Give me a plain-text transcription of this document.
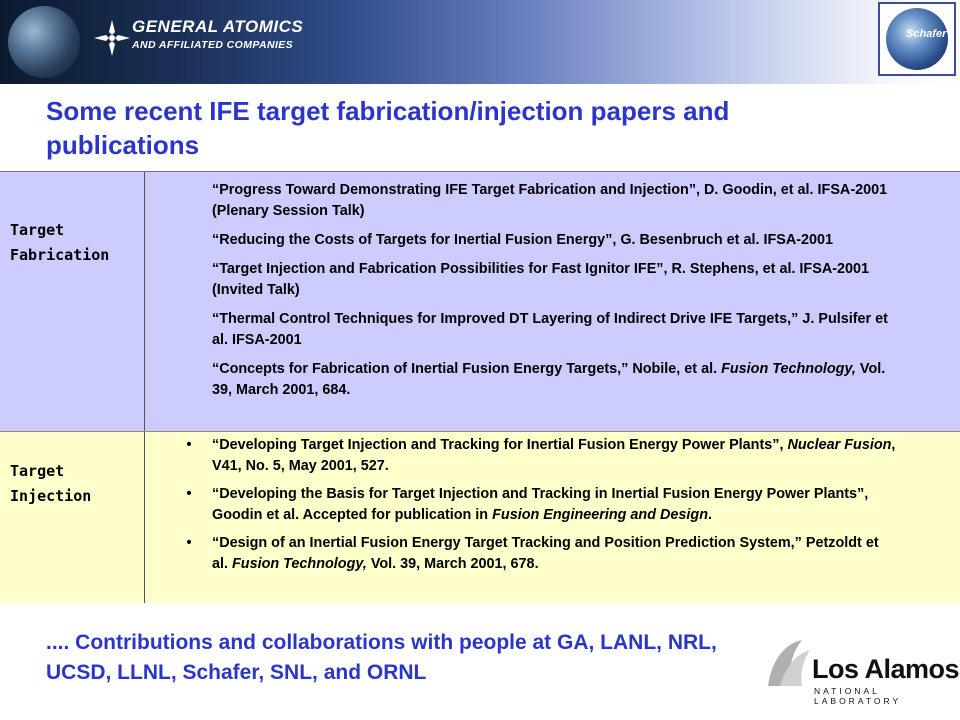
GENERAL ATOMICS
AND AFFILIATED COMPANIES
Schafer
Some recent IFE target fabrication/injection papers and publications
Target
Fabrication
“Progress Toward Demonstrating IFE Target Fabrication and Injection”, D. Goodin, et al. IFSA-2001 (Plenary Session Talk)
“Reducing the Costs of Targets for Inertial Fusion Energy”, G. Besenbruch et al. IFSA-2001
“Target Injection and Fabrication Possibilities for Fast Ignitor IFE”, R. Stephens, et al. IFSA-2001 (Invited Talk)
“Thermal Control Techniques for Improved DT Layering of Indirect Drive IFE Targets,” J. Pulsifer et al. IFSA-2001
“Concepts for Fabrication of Inertial Fusion Energy Targets,” Nobile, et al. Fusion Technology, Vol. 39, March 2001, 684.
Target
Injection
•	“Developing Target Injection and Tracking for Inertial Fusion Energy Power Plants”, Nuclear Fusion, V41, No. 5, May 2001, 527.
•	“Developing the Basis for Target Injection and Tracking in Inertial Fusion Energy Power Plants”, Goodin et al. Accepted for publication in Fusion Engineering and Design.
•	“Design of an Inertial Fusion Energy Target Tracking and Position Prediction System,” Petzoldt et al. Fusion Technology, Vol. 39, March 2001, 678.
.... Contributions and collaborations with people at GA, LANL, NRL, UCSD, LLNL, Schafer, SNL, and ORNL	Los Alamos
NATIONAL LABORATORY
